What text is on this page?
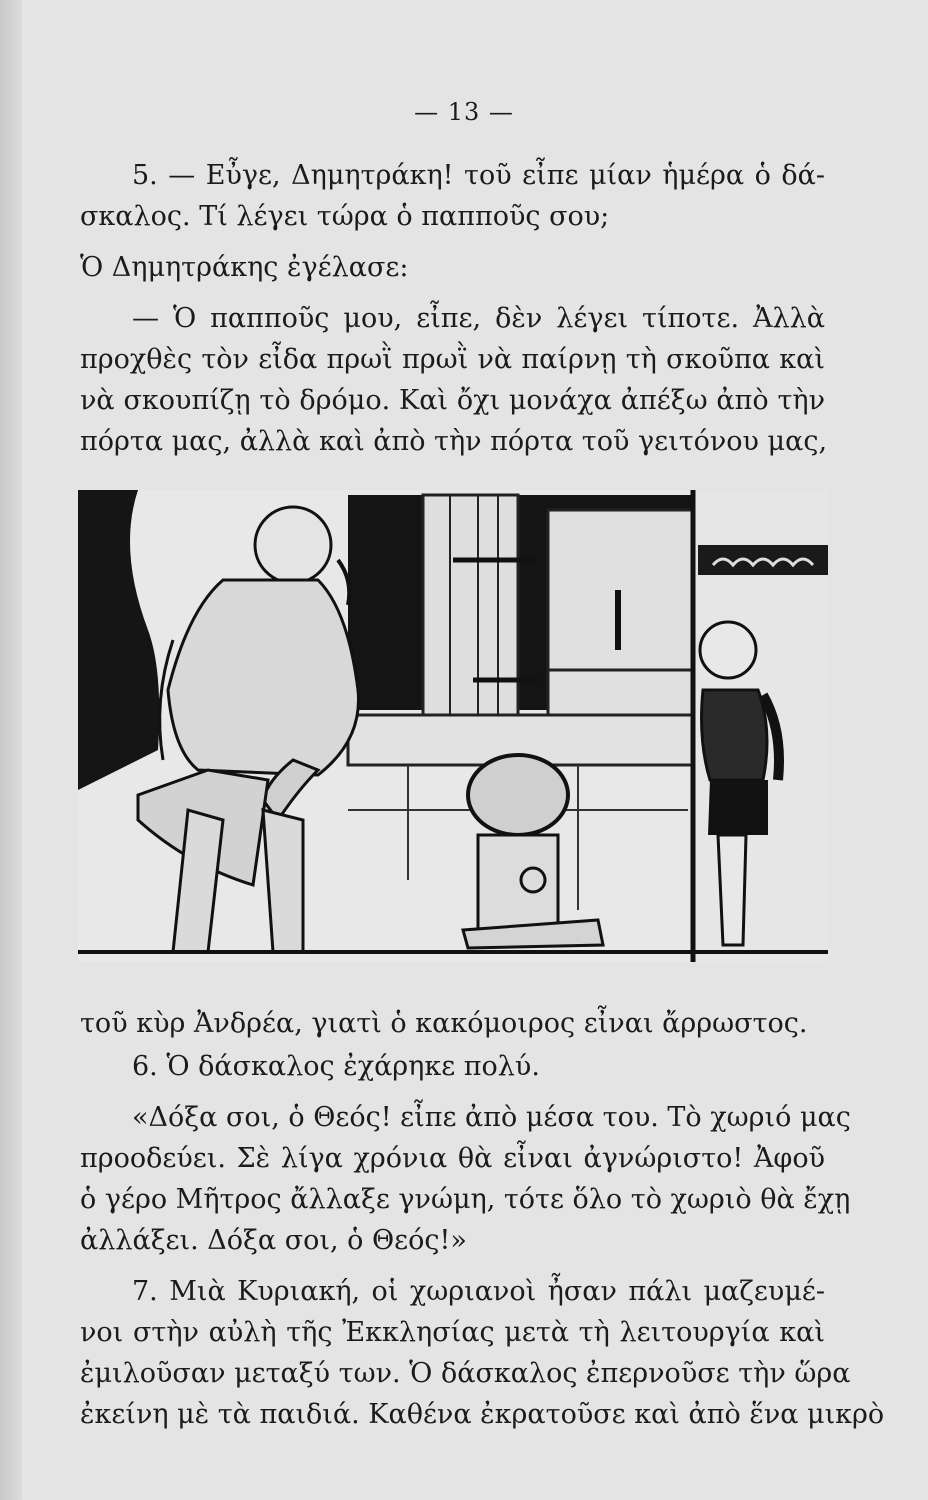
— 13 —
5. — Εὖγε, Δημητράκη! τοῦ εἶπε μίαν ἡμέρα ὁ δά-
σκαλος. Τί λέγει τώρα ὁ παπποῦς σου;
Ὁ Δημητράκης ἐγέλασε:
— Ὁ παπποῦς μου, εἶπε, δὲν λέγει τίποτε. Ἀλλὰ
προχθὲς τὸν εἶδα πρωῒ πρωῒ νὰ παίρνῃ τὴ σκοῦπα καὶ
νὰ σκουπίζῃ τὸ δρόμο. Καὶ ὄχι μονάχα ἀπέξω ἀπὸ τὴν
πόρτα μας, ἀλλὰ καὶ ἀπὸ τὴν πόρτα τοῦ γειτόνου μας,
τοῦ κὺρ Ἀνδρέα, γιατὶ ὁ κακόμοιρος εἶναι ἄρρωστος.
6. Ὁ δάσκαλος ἐχάρηκε πολύ.
«Δόξα σοι, ὁ Θεός! εἶπε ἀπὸ μέσα του. Τὸ χωριό μας
προοδεύει. Σὲ λίγα χρόνια θὰ εἶναι ἀγνώριστο! Ἀφοῦ
ὁ γέρο Μῆτρος ἄλλαξε γνώμη, τότε ὅλο τὸ χωριὸ θὰ ἔχῃ
ἀλλάξει. Δόξα σοι, ὁ Θεός!»
7. Μιὰ Κυριακή, οἱ χωριανοὶ ἦσαν πάλι μαζευμέ-
νοι στὴν αὐλὴ τῆς Ἐκκλησίας μετὰ τὴ λειτουργία καὶ
ἐμιλοῦσαν μεταξύ των. Ὁ δάσκαλος ἐπερνοῦσε τὴν ὥρα
ἐκείνη μὲ τὰ παιδιά. Καθένα ἐκρατοῦσε καὶ ἀπὸ ἕνα μικρὸ
